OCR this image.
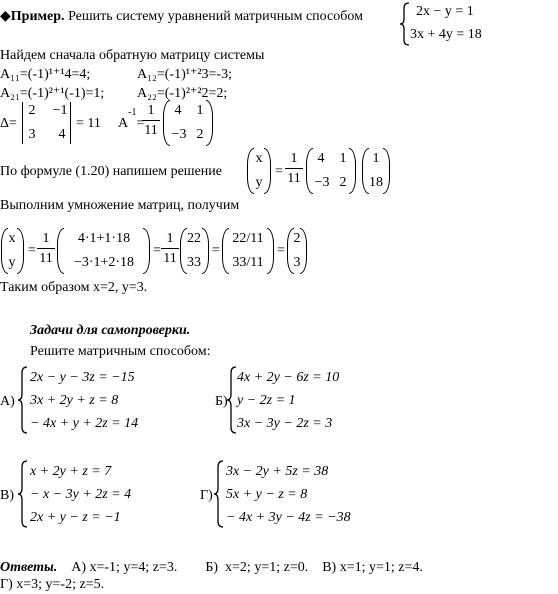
◆Пример. Решить систему уравнений матричным способом	2x − y = 1
3x + 4y = 18
Найдем сначала обратную матрицу системы
A₁₁=(-1)¹⁺¹4=4;	A₁₂=(-1)¹⁺²3=-3;
A₂₁=(-1)²⁺¹(-1)=1; A₂₂=(-1)²⁺²2=2;
Δ=
2 −1
3	4
= 11 $A^{-1}=$
$\frac{1}{11}$	4	1
−3 2
По формуле (1.20) напишем решение
x
y
= $\frac{1}{11}$	4	1
−3 2
1
18
Выполним умножение матриц, получим
x
y
= $\frac{1}{11}$	4·1+1·18
−3·1+2·18
= $\frac{1}{11} 22$
33
=
22/11
33/11
=
2
3
Таким образом x=2, y=3.
Задачи для самопроверки.
Решите матричным способом:
А)
2x − y − 3z = −15
3x + 2y + z = 8
− 4x + y + 2z = 14
Б)
4x + 2y − 6z = 10
y − 2z = 1
3x − 3y − 2z = 3
В)
x + 2y + z = 7
− x − 3y + 2z = 4
2x + y − z = −1
Г)
3x − 2y + 5z = 38
5x + y − z = 8
− 4x + 3y − 4z = −38
Ответы. А) x=-1; y=4; z=3.        Б)  x=2; y=1; z=0.    В) x=1; y=1; z=4.
Г) x=3; y=-2; z=5.
